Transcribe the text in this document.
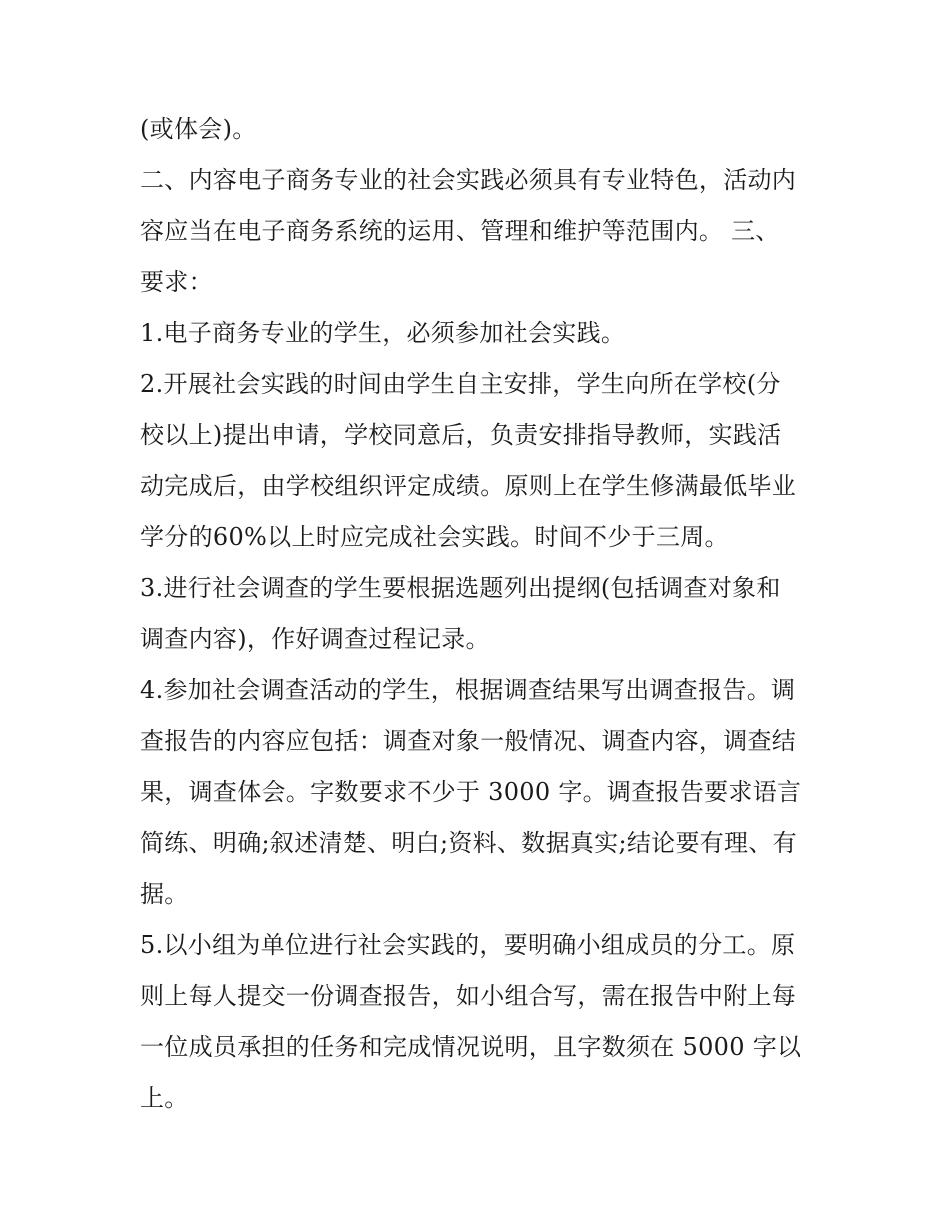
(或体会)。
二、内容电子商务专业的社会实践必须具有专业特色，活动内
容应当在电子商务系统的运用、管理和维护等范围内。 三、
要求：
1.电子商务专业的学生，必须参加社会实践。
2.开展社会实践的时间由学生自主安排，学生向所在学校(分
校以上)提出申请，学校同意后，负责安排指导教师，实践活
动完成后，由学校组织评定成绩。原则上在学生修满最低毕业
学分的60%以上时应完成社会实践。时间不少于三周。
3.进行社会调查的学生要根据选题列出提纲(包括调查对象和
调查内容)，作好调查过程记录。
4.参加社会调查活动的学生，根据调查结果写出调查报告。调
查报告的内容应包括：调查对象一般情况、调查内容，调查结
果，调查体会。字数要求不少于 3000 字。调查报告要求语言
简练、明确;叙述清楚、明白;资料、数据真实;结论要有理、有
据。
5.以小组为单位进行社会实践的，要明确小组成员的分工。原
则上每人提交一份调查报告，如小组合写，需在报告中附上每
一位成员承担的任务和完成情况说明，且字数须在 5000 字以
上。
